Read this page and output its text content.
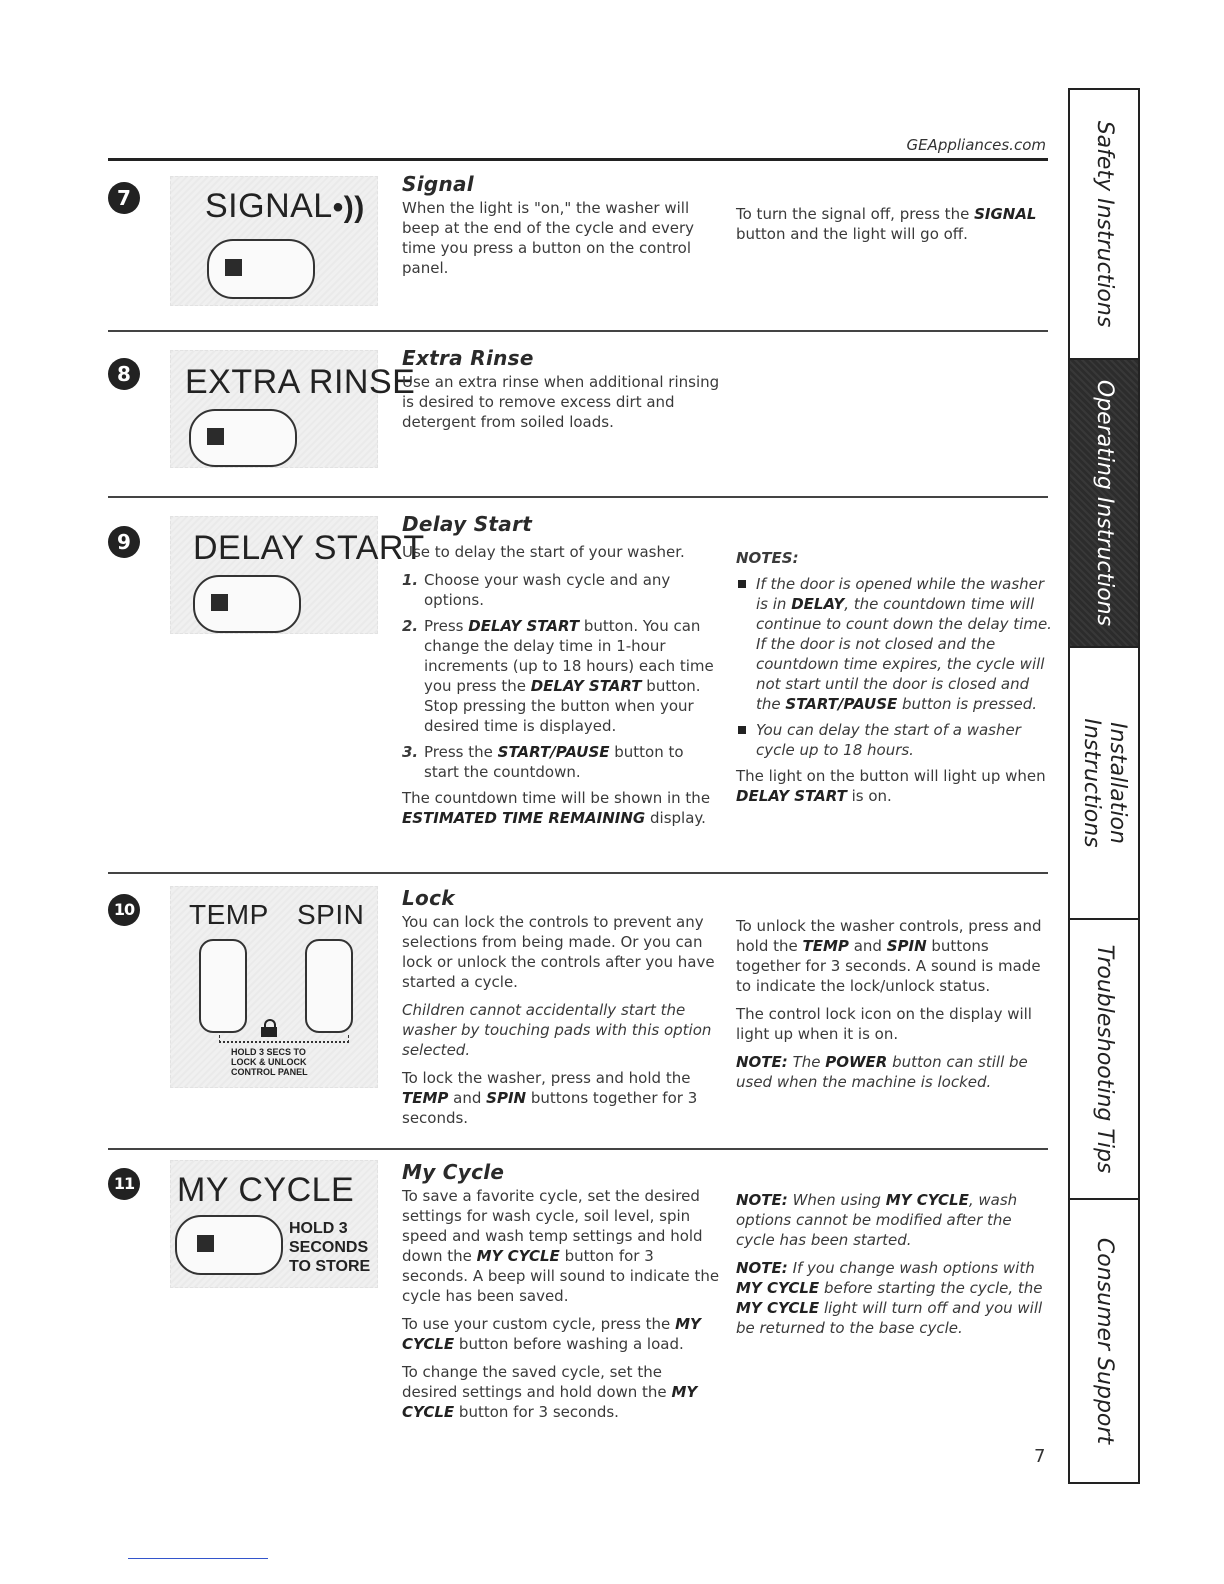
GEAppliances.com
7 SIGNAL•))
Signal
When the light is "on," the washer will beep at the end of the cycle and every time you press a button on the control panel.
To turn the signal off, press the SIGNAL button and the light will go off.
8 EXTRA RINSE
Extra Rinse
Use an extra rinse when additional rinsing is desired to remove excess dirt and detergent from soiled loads.
9 DELAY START
Delay Start
Use to delay the start of your washer.
1. Choose your wash cycle and any options.
2. Press DELAY START button. You can change the delay time in 1-hour increments (up to 18 hours) each time you press the DELAY START button. Stop pressing the button when your desired time is displayed.
3. Press the START/PAUSE button to start the countdown.
The countdown time will be shown in the ESTIMATED TIME REMAINING display.
NOTES:
If the door is opened while the washer is in DELAY, the countdown time will continue to count down the delay time. If the door is not closed and the countdown time expires, the cycle will not start until the door is closed and the START/PAUSE button is pressed.
You can delay the start of a washer cycle up to 18 hours.
The light on the button will light up when DELAY START is on.
10 TEMP SPIN
HOLD 3 SECS TO
LOCK & UNLOCK
CONTROL PANEL
Lock
You can lock the controls to prevent any selections from being made. Or you can lock or unlock the controls after you have started a cycle.
Children cannot accidentally start the washer by touching pads with this option selected.
To lock the washer, press and hold the TEMP and SPIN buttons together for 3 seconds.
To unlock the washer controls, press and hold the TEMP and SPIN buttons together for 3 seconds. A sound is made to indicate the lock/unlock status.
The control lock icon on the display will light up when it is on.
NOTE: The POWER button can still be used when the machine is locked.
11 MY CYCLE
HOLD 3
SECONDS
TO STORE
My Cycle
To save a favorite cycle, set the desired settings for wash cycle, soil level, spin speed and wash temp settings and hold down the MY CYCLE button for 3 seconds. A beep will sound to indicate the cycle has been saved.
To use your custom cycle, press the MY CYCLE button before washing a load.
To change the saved cycle, set the desired settings and hold down the MY CYCLE button for 3 seconds.
NOTE: When using MY CYCLE, wash options cannot be modified after the cycle has been started.
NOTE: If you change wash options with MY CYCLE before starting the cycle, the MY CYCLE light will turn off and you will be returned to the base cycle.
7
Safety Instructions
Operating Instructions
Installation
Instructions
Troubleshooting Tips
Consumer Support
